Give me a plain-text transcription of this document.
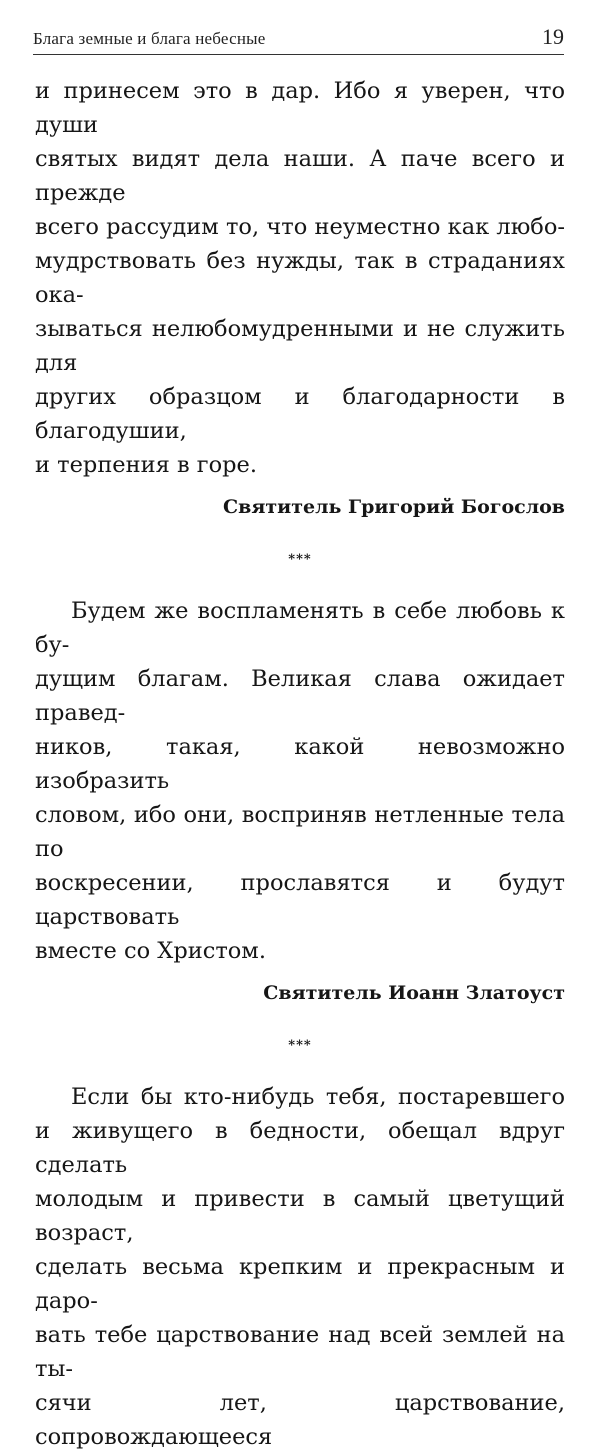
Блага земные и блага небесные	19

и принесем это в дар. Ибо я уверен, что души
святых видят дела наши. А паче всего и прежде
всего рассудим то, что неуместно как любо-
мудрствовать без нужды, так в страданиях ока-
зываться нелюбомудренными и не служить для
других образцом и благодарности в благодушии,
и терпения в горе.

Святитель Григорий Богослов
***

Будем же воспламенять в себе любовь к бу-
дущим благам. Великая слава ожидает правед-
ников, такая, какой невозможно изобразить
словом, ибо они, восприняв нетленные тела по
воскресении, прославятся и будут царствовать
вместе со Христом.

Святитель Иоанн Златоуст
***

Если бы кто-нибудь тебя, постаревшего
и живущего в бедности, обещал вдруг сделать
молодым и привести в самый цветущий возраст,
сделать весьма крепким и прекрасным и даро-
вать тебе царствование над всей землей на ты-
сячи лет, царствование, сопровождающееся
